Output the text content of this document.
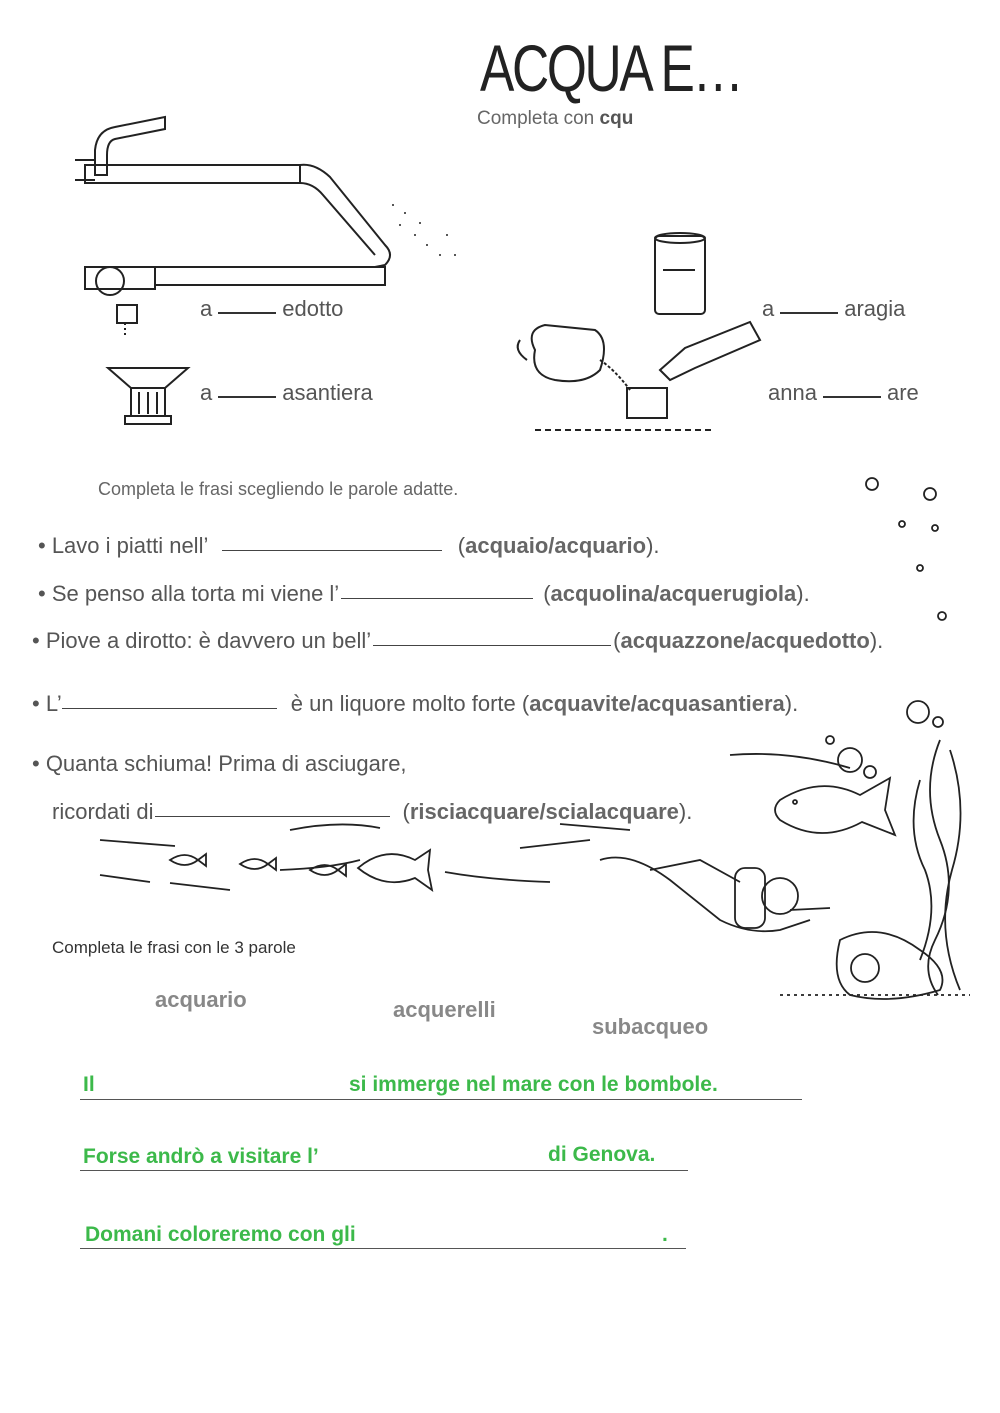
ACQUA E…
Completa con cqu
a	edotto
a	asantiera
a	aragia
anna	are
Completa le frasi scegliendo le parole adatte.
• Lavo i piatti nell’	(acquaio/acquario).
• Se penso alla torta mi viene l’	(acquolina/acquerugiola).
• Piove a dirotto: è davvero un bell’	(acquazzone/acquedotto).
• L’	è un liquore molto forte (acquavite/acquasantiera).
• Quanta schiuma! Prima di asciugare,
ricordati di	(risciacquare/scialacquare).
Completa le frasi con le 3 parole
acquario	acquerelli
subacqueo
Il	si immerge nel mare con le bombole.
Forse andrò a visitare l’	di Genova.
Domani coloreremo con gli	.
